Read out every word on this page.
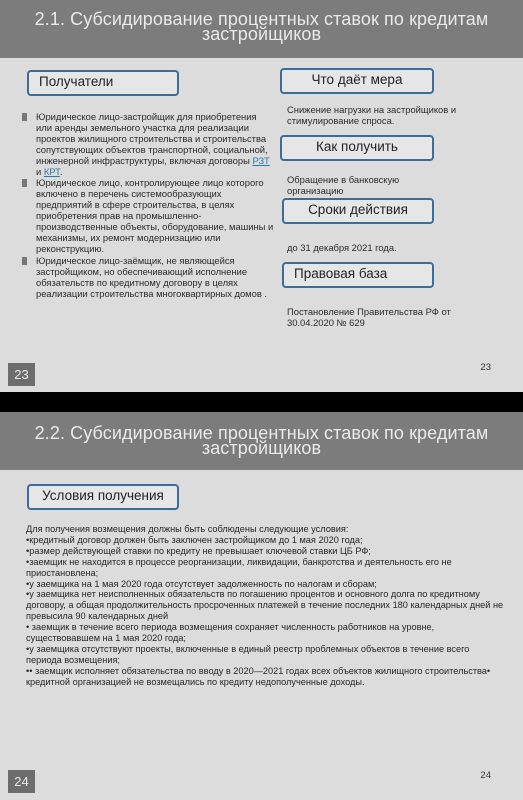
2.1. Субсидирование процентных ставок по кредитам
застройщиков
Получатели
Юридическое лицо-застройщик для приобретения или аренды земельного участка для реализации проектов жилищного строительства и строительства сопутствующих объектов транспортной, социальной, инженерной инфраструктуры, включая договоры РЗТ и КРТ.
Юридическое лицо, контролирующее лицо которого включено в перечень системообразующих предприятий в сфере строительства, в целях приобретения прав на промышленно-производственные объекты, оборудование, машины и механизмы, их ремонт модернизацию или реконструкцию.
Юридическое лицо-заёмщик, не являющейся застройщиком, но обеспечивающий исполнение обязательств по кредитному договору в целях реализации строительства многоквартирных домов .
Что даёт мера
Снижение нагрузки на застройщиков и стимулирование спроса.
Как получить
Обращение в банковскую организацию
Сроки действия
до 31 декабря 2021 года.
Правовая база
Постановление Правительства РФ от 30.04.2020 № 629
23	23
2.2. Субсидирование процентных ставок по кредитам
застройщиков
Условия получения
Для получения возмещения должны быть соблюдены следующие условия:
•кредитный договор должен быть заключен застройщиком до 1 мая 2020 года;
•размер действующей ставки по кредиту не превышает ключевой ставки ЦБ РФ;
•заемщик не находится в процессе реорганизации, ликвидации, банкротства и деятельность его не приостановлена;
•у заемщика на 1 мая 2020 года отсутствует задолженность по налогам и сборам;
•у заемщика нет неисполненных обязательств по погашению процентов и основного долга по кредитному договору, а общая продолжительность просроченных платежей в течение последних 180 календарных дней не превысила 90 календарных дней
• заемщик в течение всего периода возмещения сохраняет численность работников на уровне, существовавшем на 1 мая 2020 года;
•у заемщика отсутствуют проекты, включенные в единый реестр проблемных объектов в течение всего периода возмещения;
•• заемщик исполняет обязательства по вводу в 2020—2021 годах всех объектов жилищного строительства• кредитной организацией не возмещались по кредиту недополученные доходы.
24	24
